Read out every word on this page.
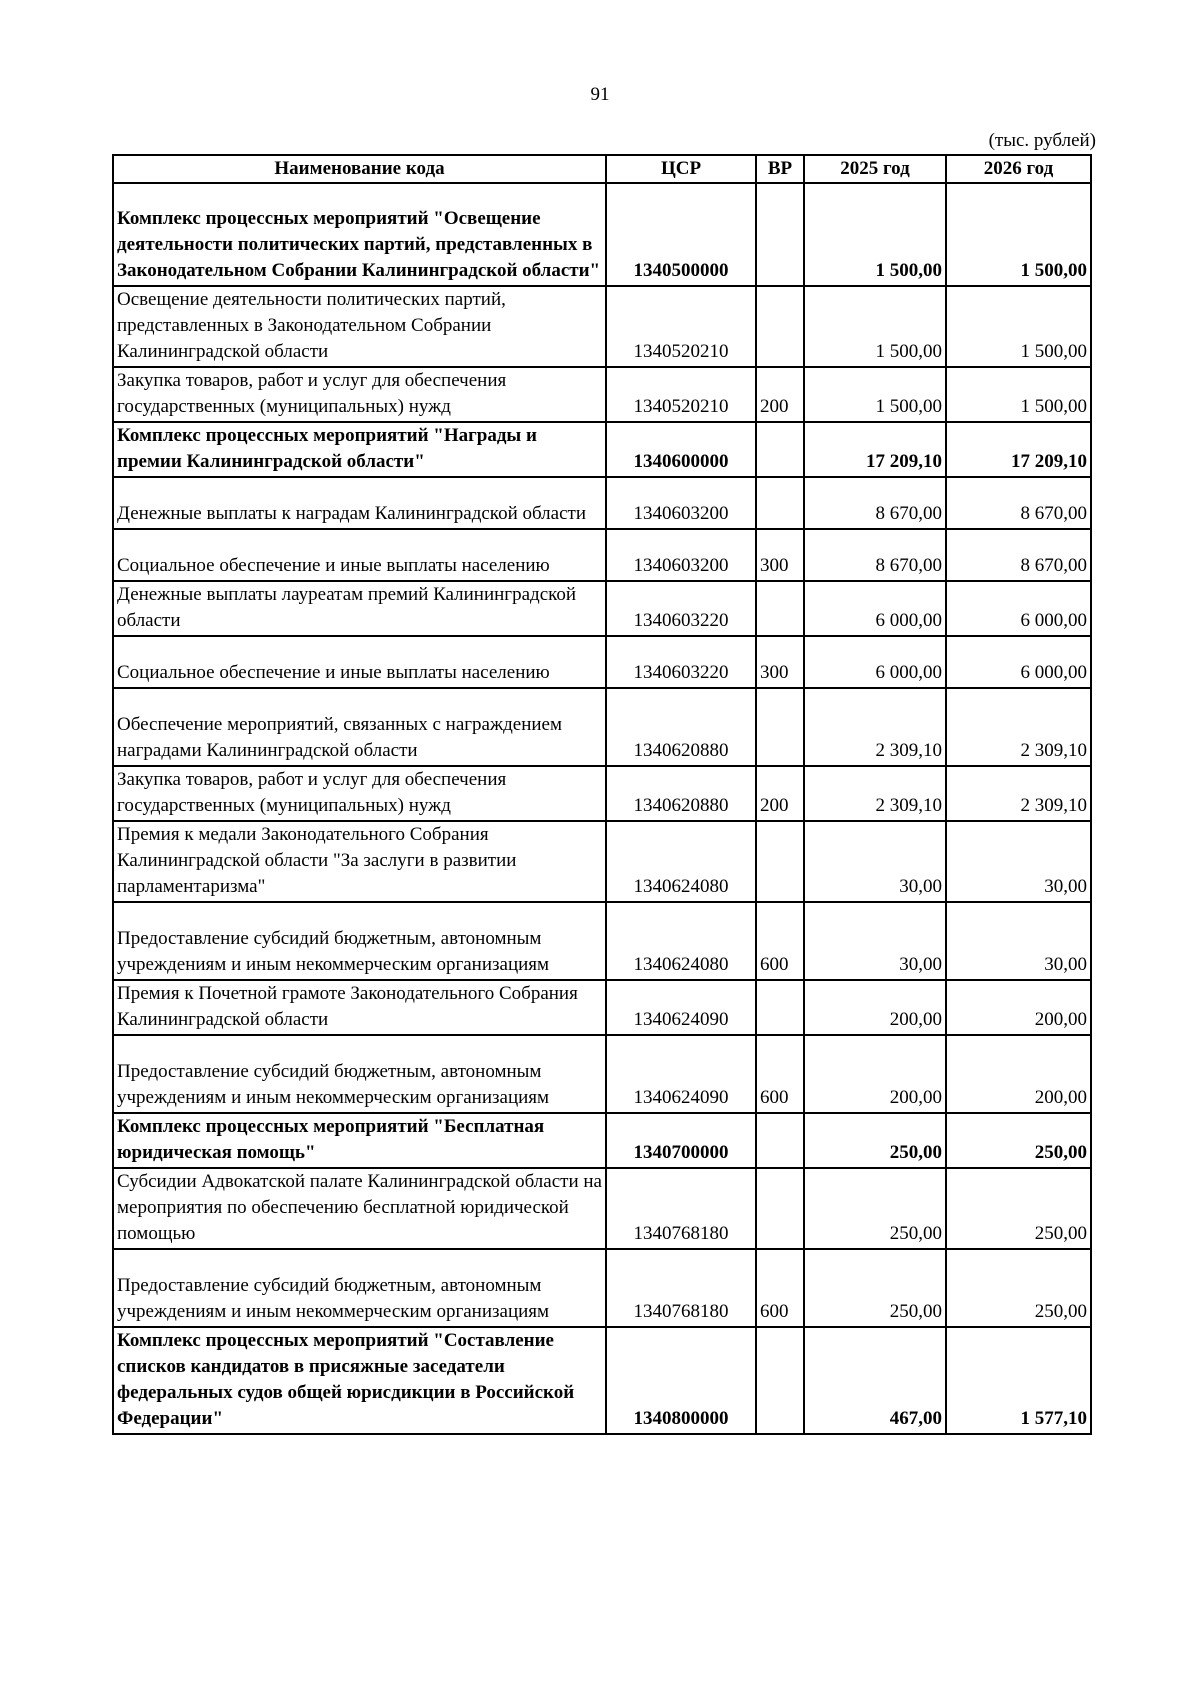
91
(тыс. рублей)
Наименование кода	ЦСР	ВР	2025 год	2026 год
Комплекс процессных мероприятий "Освещение деятельности политических партий, представленных в Законодательном Собрании Калининградской области"	1340500000		1 500,00	1 500,00
Освещение деятельности политических партий, представленных в Законодательном Собрании Калининградской области	1340520210		1 500,00	1 500,00
Закупка товаров, работ и услуг для обеспечения государственных (муниципальных) нужд	1340520210	200	1 500,00	1 500,00
Комплекс процессных мероприятий "Награды и премии Калининградской области"	1340600000		17 209,10	17 209,10
Денежные выплаты к наградам Калининградской области	1340603200		8 670,00	8 670,00
Социальное обеспечение и иные выплаты населению	1340603200	300	8 670,00	8 670,00
Денежные выплаты лауреатам премий Калининградской области	1340603220		6 000,00	6 000,00
Социальное обеспечение и иные выплаты населению	1340603220	300	6 000,00	6 000,00
Обеспечение мероприятий, связанных с награждением наградами Калининградской области	1340620880		2 309,10	2 309,10
Закупка товаров, работ и услуг для обеспечения государственных (муниципальных) нужд	1340620880	200	2 309,10	2 309,10
Премия к медали Законодательного Собрания Калининградской области "За заслуги в развитии парламентаризма"	1340624080		30,00	30,00
Предоставление субсидий бюджетным, автономным учреждениям и иным некоммерческим организациям	1340624080	600	30,00	30,00
Премия к Почетной грамоте Законодательного Собрания Калининградской области	1340624090		200,00	200,00
Предоставление субсидий бюджетным, автономным учреждениям и иным некоммерческим организациям	1340624090	600	200,00	200,00
Комплекс процессных мероприятий "Бесплатная юридическая помощь"	1340700000		250,00	250,00
Субсидии Адвокатской палате Калининградской области на мероприятия по обеспечению бесплатной юридической помощью	1340768180		250,00	250,00
Предоставление субсидий бюджетным, автономным учреждениям и иным некоммерческим организациям	1340768180	600	250,00	250,00
Комплекс процессных мероприятий "Составление списков кандидатов в присяжные заседатели федеральных судов общей юрисдикции в Российской Федерации"	1340800000		467,00	1 577,10
